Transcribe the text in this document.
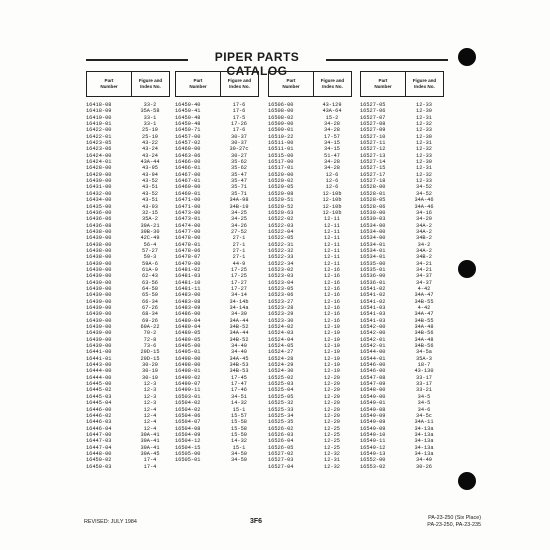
PIPER PARTS CATALOG
Part
Number
Figure and
Index No.
16418-08	33-2
16418-09	35A-58
16419-00	33-1
16419-01	33-1
16422-00	25-19
16422-01	25-19
16423-05	43-22
16423-06	43-24
16424-00	43-24
16424-01	43A-44
16428-00	43-95
16429-00	43-94
16430-00	43-52
16431-00	43-51
16432-00	43-52
16434-00	43-51
16435-00	43-93
16436-00	32-15
16436-06	35A-2
16436-08	39A-21
16438-00	39B-30
16439-00	42C-49
16438-00	56-4
16438-00	57-27
16438-00	59-3
16439-00	59A-6
16439-00	61A-9
16439-00	62-43
16439-00	63-56
16439-00	64-50
16439-00	65-50
16439-00	66-34
16439-00	67-26
16439-00	68-34
16439-00	69-26
16439-00	69A-22
16439-00	70-2
16439-00	72-8
16439-00	73-6
16441-00	29D-15
16441-01	29D-15
16443-00	30-20
16444-00	30-19
16444-00	30-19
16445-00	12-3
16445-02	12-3
16445-03	12-3
16445-04	12-3
16446-00	12-4
16446-02	12-4
16446-03	12-4
16446-04	12-4
16447-00	39A-41
16447-03	39A-41
16447-04	39A-41
16448-00	39A-45
16450-02	17-4
16450-03	17-4
Part
Number
Figure and
Index No.
16450-40	17-6
16450-41	17-6
16450-48	17-5
16450-48	17-26
16450-71	17-6
16457-00	30-37
16457-02	30-37
16460-00	30-27c
16463-06	30-27
16466-00	35-62
16466-01	35-62
16467-00	35-47
16467-01	35-47
16469-00	35-71
16469-01	35-71
16471-00	34A-98
16471-00	34B-19
16473-00	34-25
16473-01	34-25
16474-00	34-26
16477-00	27-52
16478-00	27-1
16478-01	27-1
16478-06	27-1
16478-07	27-1
16479-00	44-9
16481-02	17-25
16481-03	17-25
16481-10	17-27
16481-11	17-27
16483-00	34-14
16483-08	34-14b
16483-09	34-14a
16486-00	34-39
16489-04	34A-44
16489-04	34B-52
16489-05	34A-44
16489-05	34B-52
16495-00	34-40
16495-01	34-40
16498-00	34A-45
16498-00	34B-53
16498-01	34B-53
16499-02	17-45
16499-07	17-47
16499-11	17-46
16503-01	34-51
16504-02	14-32
16504-02	15-1
16504-06	15-57
16504-07	15-58
16504-08	15-58
16504-09	15-59
16504-12	14-32
16504-15	15-1
16505-00	34-50
16505-01	34-50
Part
Number
Figure and
Index No.
16506-00	43-129
16508-00	43A-64
16508-02	15-2
16509-00	34-28
16509-01	34-28
16510-22	17-57
16511-00	34-15
16511-01	34-15
16515-00	51-47
16517-00	34-28
16517-01	34-28
16520-00	12-6
16520-02	12-6
16520-05	12-6
16520-08	12-10b
16520-51	12-10b
16520-52	12-10b
16520-63	12-10b
16522-02	12-11
16522-03	12-11
16522-04	12-11
16522-05	12-11
16522-31	12-11
16522-32	12-11
16522-33	12-11
16522-34	12-11
16523-02	12-16
16523-03	12-16
16523-04	12-16
16523-05	12-16
16523-06	12-16
16523-27	12-16
16523-28	12-16
16523-29	12-16
16523-30	12-16
16524-02	12-19
16524-03	12-19
16524-04	12-19
16524-05	12-19
16524-27	12-19
16524-28	12-19
16524-29	12-19
16524-30	12-19
16525-02	12-20
16525-03	12-20
16525-04	12-20
16525-05	12-20
16525-32	12-20
16525-33	12-20
16525-34	12-20
16525-35	12-20
16526-02	12-25
16526-03	12-25
16526-04	12-25
16526-05	12-25
16527-02	12-32
16527-03	12-31
16527-04	12-32
Part
Number
Figure and
Index No.
16527-05	12-33
16527-06	12-30
16527-07	12-31
16527-08	12-32
16527-09	12-33
16527-10	12-30
16527-11	12-31
16527-12	12-32
16527-13	12-33
16527-14	12-30
16527-15	12-31
16527-17	12-32
16527-18	12-33
16528-00	34-52
16528-01	34-52
16528-05	34A-46
16528-06	34A-46
16530-00	34-16
16530-03	34-20
16534-00	34A-2
16534-00	34A-2
16534-00	34B-2
16534-01	34-2
16534-01	34A-2
16534-01	34B-2
16535-00	34-21
16535-01	34-21
16536-00	34-37
16536-01	34-37
16541-02	4-42
16541-02	34A-47
16541-02	34B-55
16541-03	4-42
16541-03	34A-47
16541-03	34B-55
16542-00	34A-48
16542-00	34B-56
16542-01	34A-48
16542-01	34B-56
16544-00	34-5a
16544-01	35A-3
16546-00	18-7
16546-00	43-130
16547-08	33-17
16547-09	33-17
16548-00	33-21
16549-00	34-5
16549-01	34-5
16549-08	34-6
16549-09	34-5c
16549-09	34A-11
16549-09	34-13a
16549-10	34-13a
16549-11	34-13a
16549-12	34-13a
16549-13	34-13a
16552-00	34-49
16553-02	30-26
REVISED: JULY 1984	3F6	PA-23-250 (Six Place)
PA-23-250, PA-23-235
